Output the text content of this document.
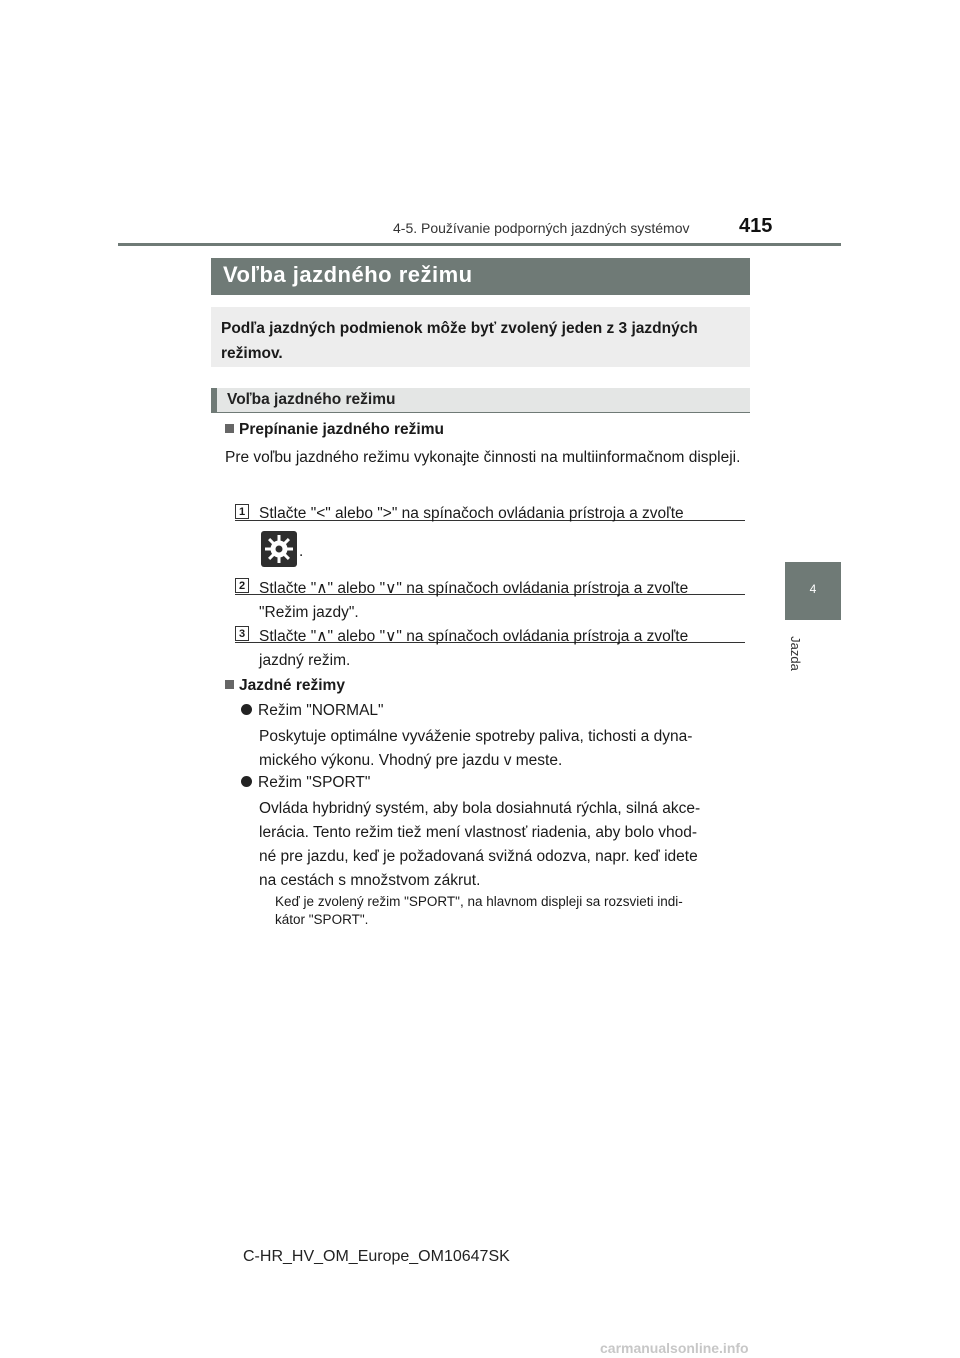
4-5. Používanie podporných jazdných systémov 415
4
Jazda
Voľba jazdného režimu
Podľa jazdných podmienok môže byť zvolený jeden z 3 jazdných režimov.
Voľba jazdného režimu
Prepínanie jazdného režimu
Pre voľbu jazdného režimu vykonajte činnosti na multiinformačnom displeji.
1 Stlačte "<" alebo ">" na spínačoch ovládania prístroja a zvoľte
.
2 Stlačte "∧" alebo "∨" na spínačoch ovládania prístroja a zvoľte
"Režim jazdy".
3 Stlačte "∧" alebo "∨" na spínačoch ovládania prístroja a zvoľte
jazdný režim.
Jazdné režimy
Režim "NORMAL"
Poskytuje optimálne vyváženie spotreby paliva, tichosti a dyna-
mického výkonu. Vhodný pre jazdu v meste.
Režim "SPORT"
Ovláda hybridný systém, aby bola dosiahnutá rýchla, silná akce-
lerácia. Tento režim tiež mení vlastnosť riadenia, aby bolo vhod-
né pre jazdu, keď je požadovaná svižná odozva, napr. keď idete
na cestách s množstvom zákrut.
Keď je zvolený režim "SPORT", na hlavnom displeji sa rozsvieti indi-
kátor "SPORT".
C-HR_HV_OM_Europe_OM10647SK
carmanualsonline.info
